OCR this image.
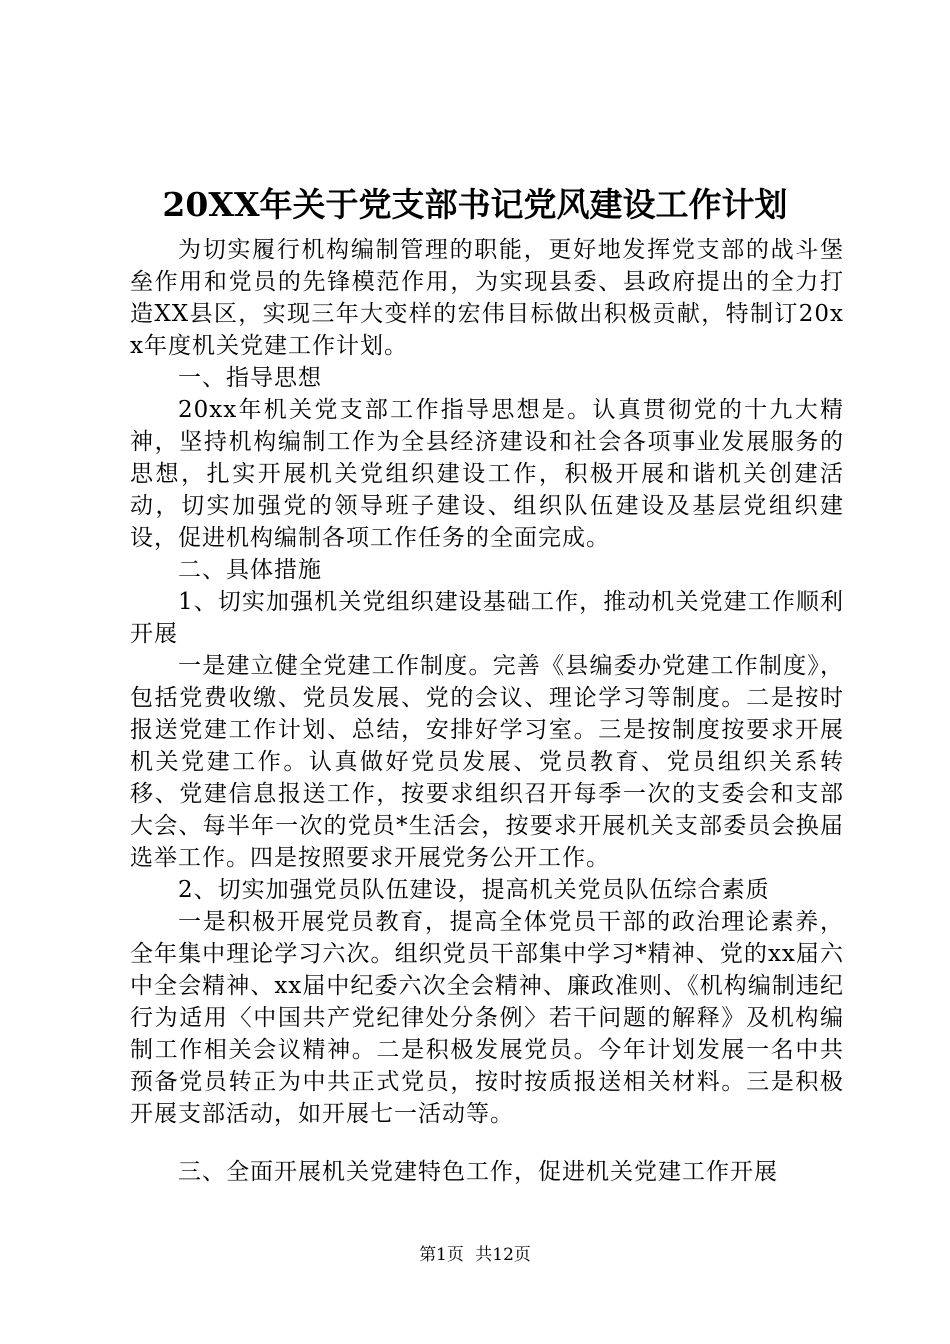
20XX年关于党支部书记党风建设工作计划

为切实履行机构编制管理的职能，更好地发挥党支部的战斗堡垒作用和党员的先锋模范作用，为实现县委、县政府提出的全力打造XX县区，实现三年大变样的宏伟目标做出积极贡献，特制订20xx年度机关党建工作计划。

一、指导思想

20xx年机关党支部工作指导思想是。认真贯彻党的十九大精神，坚持机构编制工作为全县经济建设和社会各项事业发展服务的思想，扎实开展机关党组织建设工作，积极开展和谐机关创建活动，切实加强党的领导班子建设、组织队伍建设及基层党组织建设，促进机构编制各项工作任务的全面完成。

二、具体措施

1、切实加强机关党组织建设基础工作，推动机关党建工作顺利开展

一是建立健全党建工作制度。完善《县编委办党建工作制度》，包括党费收缴、党员发展、党的会议、理论学习等制度。二是按时报送党建工作计划、总结，安排好学习室。三是按制度按要求开展机关党建工作。认真做好党员发展、党员教育、党员组织关系转移、党建信息报送工作，按要求组织召开每季一次的支委会和支部大会、每半年一次的党员*生活会，按要求开展机关支部委员会换届选举工作。四是按照要求开展党务公开工作。

2、切实加强党员队伍建设，提高机关党员队伍综合素质

一是积极开展党员教育，提高全体党员干部的政治理论素养，全年集中理论学习六次。组织党员干部集中学习*精神、党的xx届六中全会精神、xx届中纪委六次全会精神、廉政准则、《机构编制违纪行为适用〈中国共产党纪律处分条例〉若干问题的解释》及机构编制工作相关会议精神。二是积极发展党员。今年计划发展一名中共预备党员转正为中共正式党员，按时按质报送相关材料。三是积极开展支部活动，如开展七一活动等。

三、全面开展机关党建特色工作，促进机关党建工作开展

第1页 共12页
